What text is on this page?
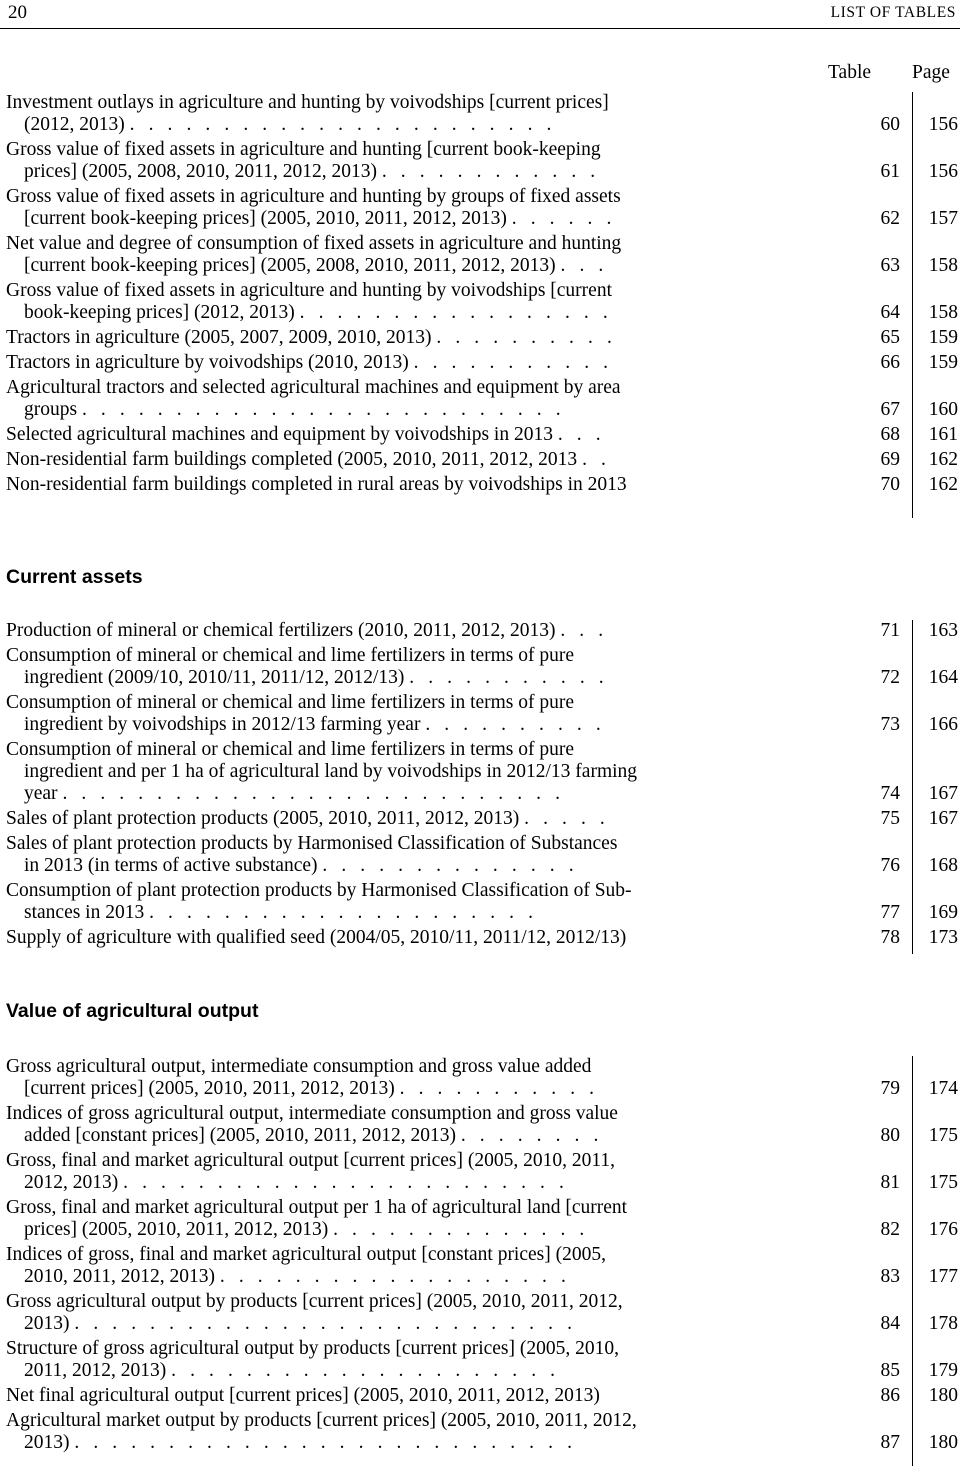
20	LIST OF TABLES
Table Page
Investment outlays in agriculture and hunting by voivodships [current prices]
(2012, 2013) . . . . . . . . . . . . . . . . . . . . . . .	60	156
Gross value of fixed assets in agriculture and hunting [current book-keeping
prices] (2005, 2008, 2010, 2011, 2012, 2013) . . . . . . . . . . . .	61	156
Gross value of fixed assets in agriculture and hunting by groups of fixed assets
[current book-keeping prices] (2005, 2010, 2011, 2012, 2013) . . . . . .	62	157
Net value and degree of consumption of fixed assets in agriculture and hunting
[current book-keeping prices] (2005, 2008, 2010, 2011, 2012, 2013) . . .	63	158
Gross value of fixed assets in agriculture and hunting by voivodships [current
book-keeping prices] (2012, 2013) . . . . . . . . . . . . . . . . .	64	158
Tractors in agriculture (2005, 2007, 2009, 2010, 2013) . . . . . . . . . .	65	159
Tractors in agriculture by voivodships (2010, 2013) . . . . . . . . . . .	66	159
Agricultural tractors and selected agricultural machines and equipment by area
groups . . . . . . . . . . . . . . . . . . . . . . . . . .	67	160
Selected agricultural machines and equipment by voivodships in 2013 . . .	68	161
Non-residential farm buildings completed (2005, 2010, 2011, 2012, 2013 . .	69	162
Non-residential farm buildings completed in rural areas by voivodships in 2013	70	162
Current assets
Production of mineral or chemical fertilizers (2010, 2011, 2012, 2013) . . .	71	163
Consumption of mineral or chemical and lime fertilizers in terms of pure
ingredient (2009/10, 2010/11, 2011/12, 2012/13) . . . . . . . . . . .	72	164
Consumption of mineral or chemical and lime fertilizers in terms of pure
ingredient by voivodships in 2012/13 farming year . . . . . . . . . .	73	166
Consumption of mineral or chemical and lime fertilizers in terms of pure
ingredient and per 1 ha of agricultural land by voivodships in 2012/13 farming
year . . . . . . . . . . . . . . . . . . . . . . . . . . .	74	167
Sales of plant protection products (2005, 2010, 2011, 2012, 2013) . . . . .	75	167
Sales of plant protection products by Harmonised Classification of Substances
in 2013 (in terms of active substance) . . . . . . . . . . . . . .	76	168
Consumption of plant protection products by Harmonised Classification of Sub-
stances in 2013 . . . . . . . . . . . . . . . . . . . . .	77	169
Supply of agriculture with qualified seed (2004/05, 2010/11, 2011/12, 2012/13)	78	173
Value of agricultural output
Gross agricultural output, intermediate consumption and gross value added
[current prices] (2005, 2010, 2011, 2012, 2013) . . . . . . . . . . .	79	174
Indices of gross agricultural output, intermediate consumption and gross value
added [constant prices] (2005, 2010, 2011, 2012, 2013) . . . . . . . .	80	175
Gross, final and market agricultural output [current prices] (2005, 2010, 2011,
2012, 2013) . . . . . . . . . . . . . . . . . . . . . . . .	81	175
Gross, final and market agricultural output per 1 ha of agricultural land [current
prices] (2005, 2010, 2011, 2012, 2013) . . . . . . . . . . . . . .	82	176
Indices of gross, final and market agricultural output [constant prices] (2005,
2010, 2011, 2012, 2013) . . . . . . . . . . . . . . . . . . .	83	177
Gross agricultural output by products [current prices] (2005, 2010, 2011, 2012,
2013) . . . . . . . . . . . . . . . . . . . . . . . . . . .	84	178
Structure of gross agricultural output by products [current prices] (2005, 2010,
2011, 2012, 2013) . . . . . . . . . . . . . . . . . . . . .	85	179
Net final agricultural output [current prices] (2005, 2010, 2011, 2012, 2013)	86	180
Agricultural market output by products [current prices] (2005, 2010, 2011, 2012,
2013) . . . . . . . . . . . . . . . . . . . . . . . . . . .	87	180
